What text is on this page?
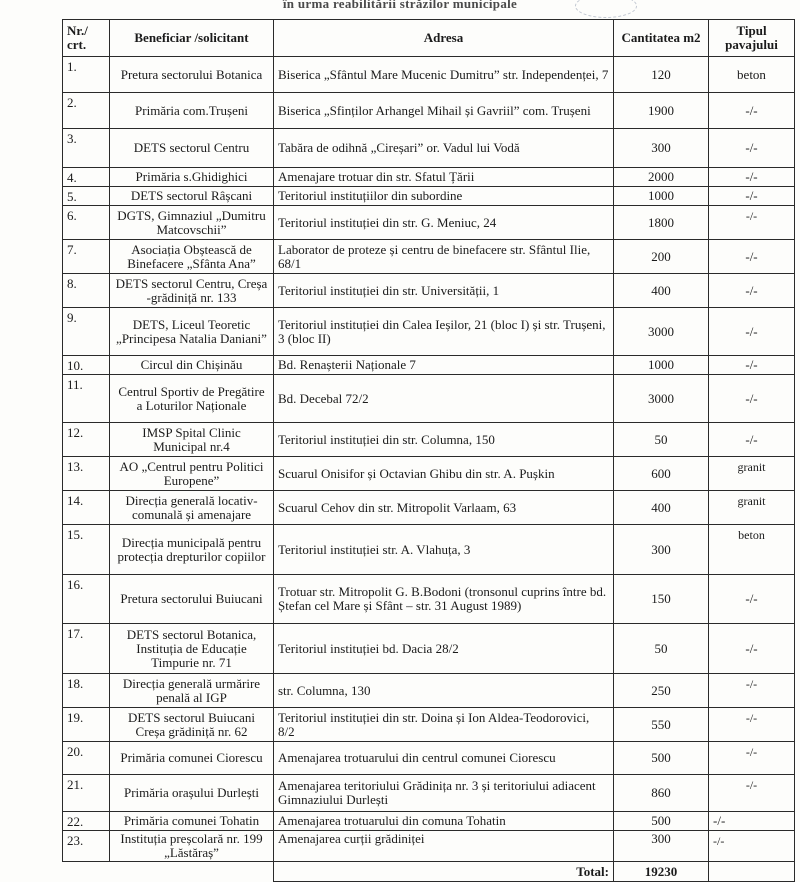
în urma reabilitării străzilor municipale
Nr./ crt.	Beneficiar /solicitant	Adresa	Cantitatea m2	Tipul pavajului
1.	Pretura sectorului Botanica	Biserica „Sfântul Mare Mucenic Dumitru” str. Independenței, 7	120	beton
2.	Primăria com.Trușeni	Biserica „Sfinților Arhangel Mihail și Gavriil” com. Trușeni	1900	-/-
3.	DETS sectorul Centru	Tabăra de odihnă „Cireșari” or. Vadul lui Vodă	300	-/-
4.	Primăria s.Ghidighici	Amenajare trotuar din str. Sfatul Țării	2000	-/-
5.	DETS sectorul Râșcani	Teritoriul instituțiilor din subordine	1000	-/-
6.	DGTS, Gimnaziul „Dumitru Matcovschii”	Teritoriul instituției din str. G. Meniuc, 24	1800	-/-
7.	Asociația Obștească de Binefacere „Sfânta Ana”	Laborator de proteze și centru de binefacere str. Sfântul Ilie, 68/1	200	-/-
8.	DETS sectorul Centru, Creșa -grădiniță nr. 133	Teritoriul instituției din str. Universității, 1	400	-/-
9.	DETS, Liceul Teoretic „Principesa Natalia Daniani”	Teritoriul instituției din Calea Ieșilor, 21 (bloc I) și str. Trușeni, 3 (bloc II)	3000	-/-
10.	Circul din Chișinău	Bd. Renașterii Naționale 7	1000	-/-
11.	Centrul Sportiv de Pregătire a Loturilor Naționale	Bd. Decebal 72/2	3000	-/-
12.	IMSP Spital Clinic Municipal nr.4	Teritoriul instituției din str. Columna, 150	50	-/-
13.	AO „Centrul pentru Politici Europene”	Scuarul Onisifor și Octavian Ghibu din str. A. Pușkin	600	granit
14.	Direcția generală locativ-comunală și amenajare	Scuarul Cehov din str. Mitropolit Varlaam, 63	400	granit
15.	Direcția municipală pentru protecția drepturilor copiilor	Teritoriul instituției str. A. Vlahuța, 3	300	beton
16.	Pretura sectorului Buiucani	Trotuar str. Mitropolit G. B.Bodoni (tronsonul cuprins între bd. Ștefan cel Mare și Sfânt – str. 31 August 1989)	150	-/-
17.	DETS sectorul Botanica, Instituția de Educație Timpurie nr. 71	Teritoriul instituției bd. Dacia 28/2	50	-/-
18.	Direcția generală urmărire penală al IGP	str. Columna, 130	250	-/-
19.	DETS sectorul Buiucani Creșa grădiniță nr. 62	Teritoriul instituției din str. Doina și Ion Aldea-Teodorovici, 8/2	550	-/-
20.	Primăria comunei Ciorescu	Amenajarea trotuarului din centrul comunei Ciorescu	500	-/-
21.	Primăria orașului Durlești	Amenajarea teritoriului Grădinița nr. 3 și teritoriului adiacent Gimnaziului Durlești	860	-/-
22.	Primăria comunei Tohatin	Amenajarea trotuarului din comuna Tohatin	500	-/-
23.	Instituția preșcolară nr. 199 „Lăstăraș”	Amenajarea curții grădiniței	300	-/-
		Total:	19230	
